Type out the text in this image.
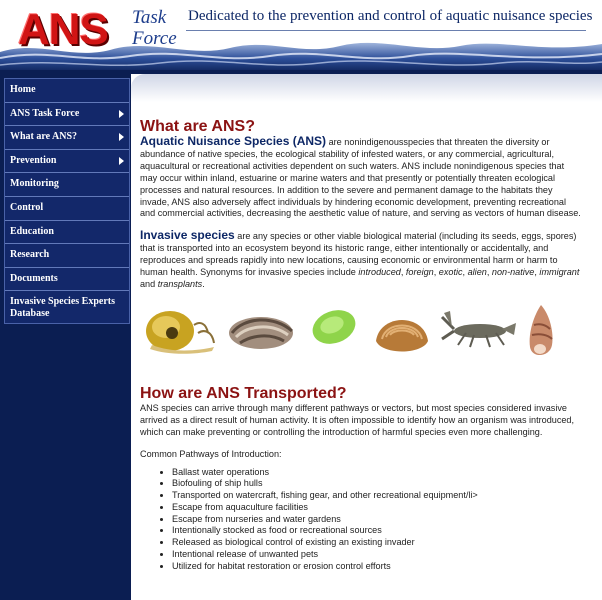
ANS Task
Force
Dedicated to the prevention and control of aquatic nuisance species
Home
ANS Task Force
What are ANS?
Prevention
Monitoring
Control
Education
Research
Documents
Invasive Species Experts Database
What are ANS?

Aquatic Nuisance Species (ANS) are nonindigenousspecies that threaten the diversity or abundance of native species, the ecological stability of infested waters, or any commercial, agricultural, aquacultural or recreational activities dependent on such waters. ANS include nonindigenous species that may occur within inland, estuarine or marine waters and that presently or potentially threaten ecological processes and natural resources. In addition to the severe and permanent damage to the habitats they invade, ANS also adversely affect individuals by hindering economic development, preventing recreational and commercial activities, decreasing the aesthetic value of nature, and serving as vectors of human disease.

Invasive species are any species or other viable biological material (including its seeds, eggs, spores) that is transported into an ecosystem beyond its historic range, either intentionally or accidentally, and reproduces and spreads rapidly into new locations, causing economic or environmental harm or harm to human health. Synonyms for invasive species include introduced, foreign, exotic, alien, non-native, immigrant and transplants.

How are ANS Transported?

ANS species can arrive through many different pathways or vectors, but most species considered invasive arrived as a direct result of human activity. It is often impossible to identify how an organism was introduced, which can make preventing or controlling the introduction of harmful species even more challenging.

Common Pathways of Introduction:

• Ballast water operations
• Biofouling of ship hulls
• Transported on watercraft, fishing gear, and other recreational equipment/li>
• Escape from aquaculture facilities
• Escape from nurseries and water gardens
• Intentionally stocked as food or recreational sources
• Released as biological control of existing an existing invader
• Intentional release of unwanted pets
• Utilized for habitat restoration or erosion control efforts
